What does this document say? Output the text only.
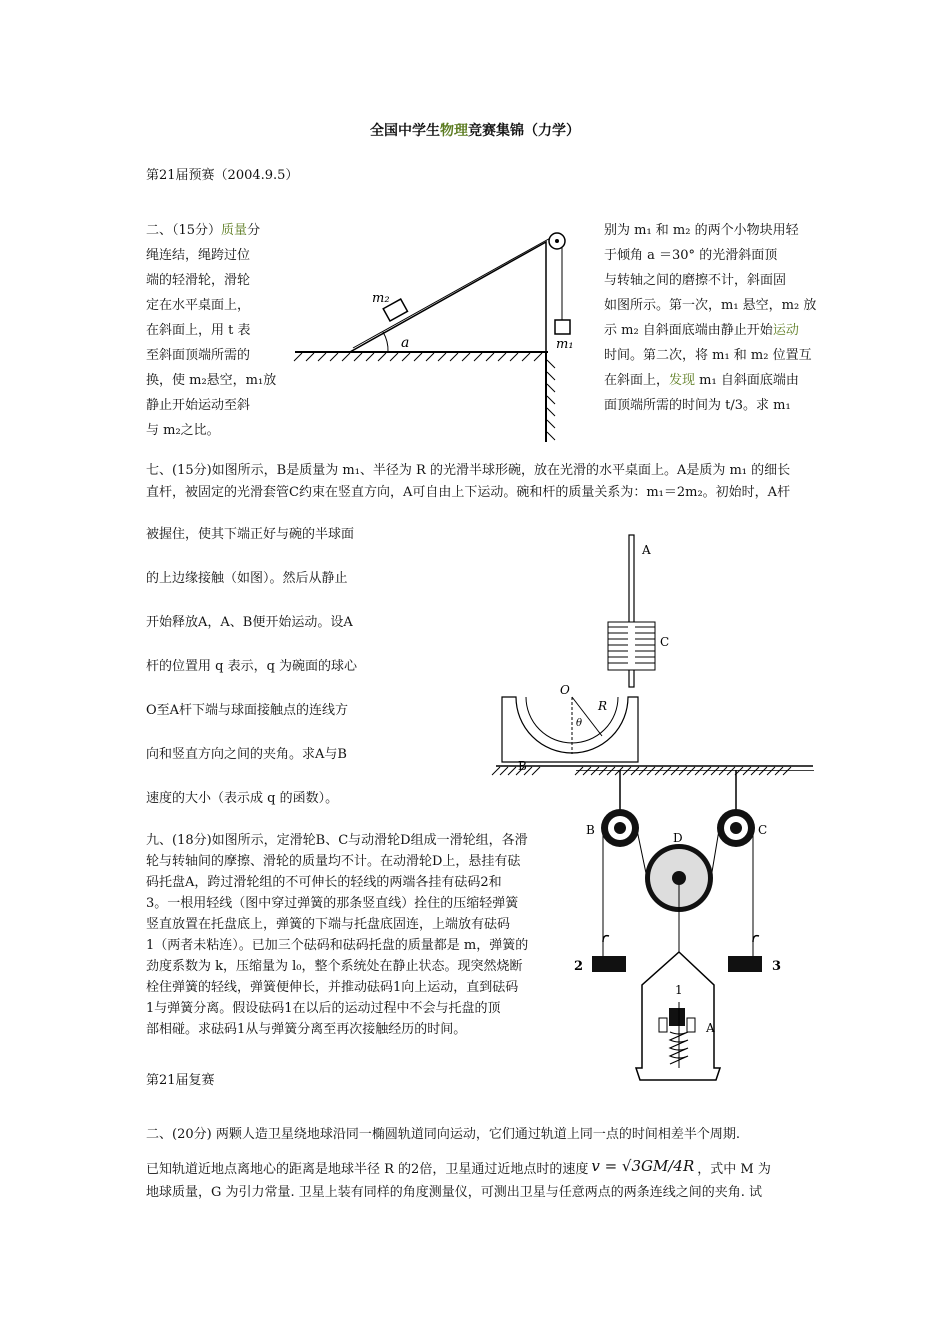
全国中学生物理竞赛集锦（力学）
第21届预赛（2004.9.5）
二、（15分）质量分
绳连结，绳跨过位
端的轻滑轮，滑轮
定在水平桌面上，
在斜面上，用 t 表
至斜面顶端所需的
换，使 m₂悬空，m₁放
静止开始运动至斜
与 m₂之比。
别为 m₁ 和 m₂ 的两个小物块用轻
于倾角 a ＝30° 的光滑斜面顶
与转轴之间的磨擦不计，斜面固
如图所示。第一次，m₁ 悬空，m₂ 放
示 m₂ 自斜面底端由静止开始运动
时间。第二次，将 m₁ 和 m₂ 位置互
在斜面上，发现 m₁ 自斜面底端由
面顶端所需的时间为 t/3。求 m₁
m₂
m₁
a
七、(15分)如图所示，B是质量为 m₁、半径为 R 的光滑半球形碗，放在光滑的水平桌面上。A是质为 m₁ 的细长
直杆，被固定的光滑套管C约束在竖直方向，A可自由上下运动。碗和杆的质量关系为：m₁＝2m₂。初始时，A杆
被握住，使其下端正好与碗的半球面
的上边缘接触（如图）。然后从静止
开始释放A，A、B便开始运动。设A
杆的位置用 q 表示，q 为碗面的球心
O至A杆下端与球面接触点的连线方
向和竖直方向之间的夹角。求A与B
速度的大小（表示成 q 的函数）。
A
C
O
R
θ
B
九、(18分)如图所示，定滑轮B、C与动滑轮D组成一滑轮组，各滑
轮与转轴间的摩擦、滑轮的质量均不计。在动滑轮D上，悬挂有砝
码托盘A，跨过滑轮组的不可伸长的轻线的两端各挂有砝码2和
3。一根用轻线（图中穿过弹簧的那条竖直线）拴住的压缩轻弹簧
竖直放置在托盘底上，弹簧的下端与托盘底固连，上端放有砝码
1（两者未粘连）。已加三个砝码和砝码托盘的质量都是 m，弹簧的
劲度系数为 k，压缩量为 l₀，整个系统处在静止状态。现突然烧断
栓住弹簧的轻线，弹簧便伸长，并推动砝码1向上运动，直到砝码
1与弹簧分离。假设砝码1在以后的运动过程中不会与托盘的顶
部相碰。求砝码1从与弹簧分离至再次接触经历的时间。
B	C
D
1
2	3
A
第21届复赛
二、(20分) 两颗人造卫星绕地球沿同一椭圆轨道同向运动，它们通过轨道上同一点的时间相差半个周期.
已知轨道近地点离地心的距离是地球半径 R 的2倍，卫星通过近地点时的速度 v = √3GM/4R ，式中 M 为
地球质量，G 为引力常量. 卫星上装有同样的角度测量仪，可测出卫星与任意两点的两条连线之间的夹角. 试
